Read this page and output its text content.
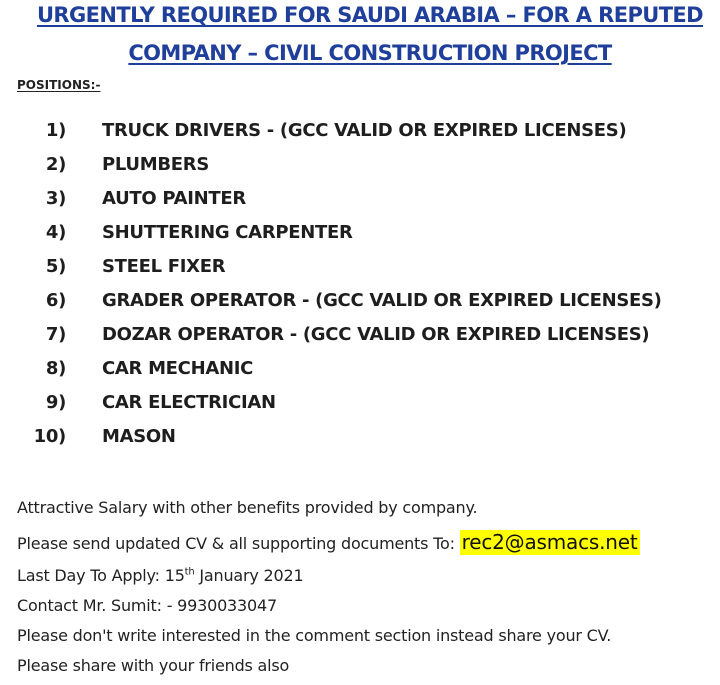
URGENTLY REQUIRED FOR SAUDI ARABIA – FOR A REPUTED
COMPANY – CIVIL CONSTRUCTION PROJECT
POSITIONS:-
1) TRUCK DRIVERS - (GCC VALID OR EXPIRED LICENSES)
2) PLUMBERS
3) AUTO PAINTER
4) SHUTTERING CARPENTER
5) STEEL FIXER
6) GRADER OPERATOR - (GCC VALID OR EXPIRED LICENSES)
7) DOZAR OPERATOR - (GCC VALID OR EXPIRED LICENSES)
8) CAR MECHANIC
9) CAR ELECTRICIAN
10) MASON
Attractive Salary with other benefits provided by company.
Please send updated CV & all supporting documents To: rec2@asmacs.net
Last Day To Apply: 15th January 2021
Contact Mr. Sumit: - 9930033047
Please don't write interested in the comment section instead share your CV.
Please share with your friends also
